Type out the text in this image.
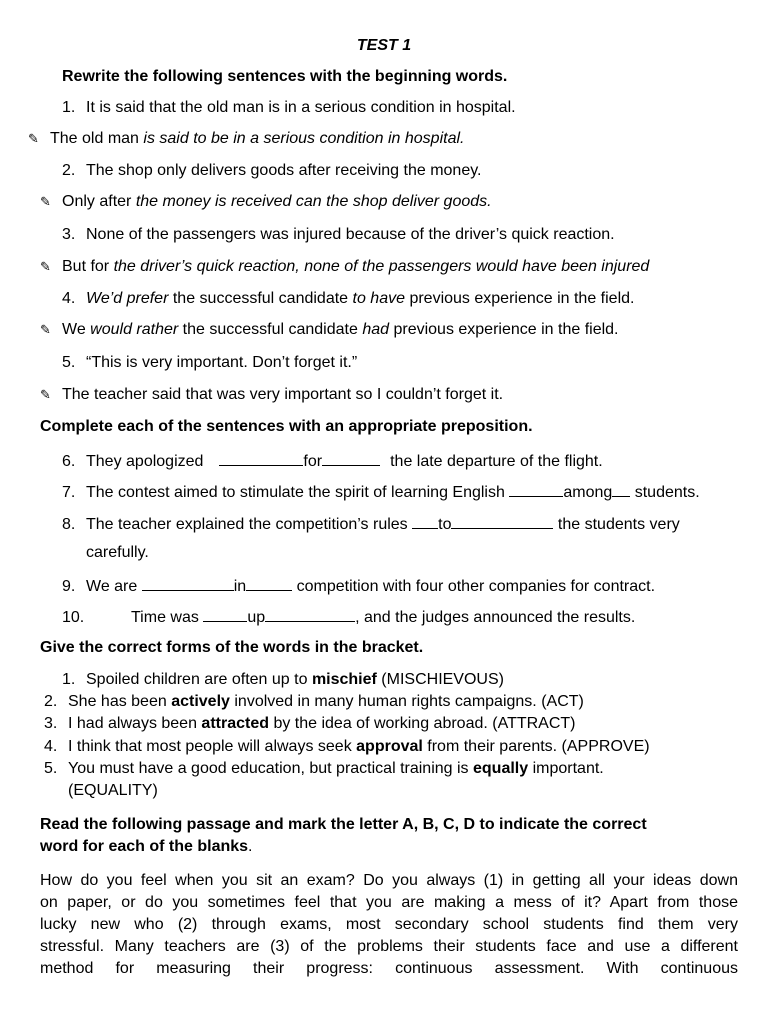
TEST 1
Rewrite the following sentences with the beginning words.
1. It is said that the old man is in a serious condition in hospital.
✎ The old man is said to be in a serious condition in hospital.
2. The shop only delivers goods after receiving the money.
✎ Only after the money is received can the shop deliver goods.
3. None of the passengers was injured because of the driver’s quick reaction.
✎ But for the driver’s quick reaction, none of the passengers would have been injured
4. We’d prefer the successful candidate to have previous experience in the field.
✎ We would rather the successful candidate had previous experience in the field.
5. “This is very important. Don’t forget it.”
✎ The teacher said that was very important so I couldn’t forget it.
Complete each of the sentences with an appropriate preposition.
6. They apologized	for	the late departure of the flight.
7. The contest aimed to stimulate the spirit of learning English	among students.
8. The teacher explained the competition’s rules to	the students very
carefully.
9. We are	in	competition with four other companies for contract.
10.	Time was	up	, and the judges announced the results.
Give the correct forms of the words in the bracket.
1. Spoiled children are often up to mischief (MISCHIEVOUS)
2. She has been actively involved in many human rights campaigns. (ACT)
3. I had always been attracted by the idea of working abroad. (ATTRACT)
4. I think that most people will always seek approval from their parents. (APPROVE)
5. You must have a good education, but practical training is equally important.
(EQUALITY)
Read the following passage and mark the letter A, B, C, D to indicate the correct
word for each of the blanks.
How do you feel when you sit an exam? Do you always (1) in getting all your ideas down
on paper, or do you sometimes feel that you are making a mess of it? Apart from those
lucky new who (2) through exams, most secondary school students find them very
stressful. Many teachers are (3) of the problems their students face and use a different
method for measuring their progress: continuous assessment. With continuous
